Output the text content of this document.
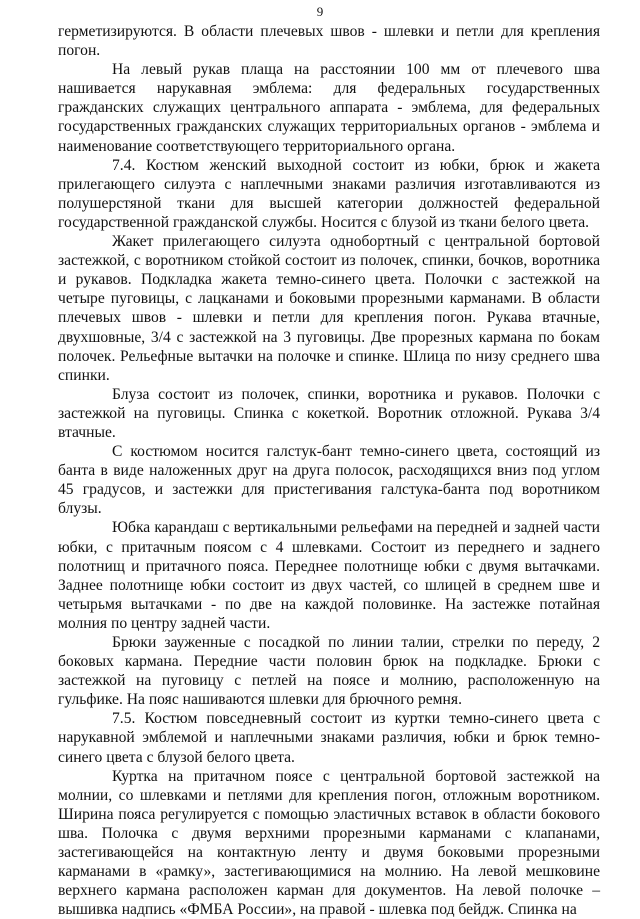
9

герметизируются. В области плечевых швов - шлевки и петли для крепления погон.

На левый рукав плаща на расстоянии 100 мм от плечевого шва нашивается нарукавная эмблема: для федеральных государственных гражданских служащих центрального аппарата - эмблема, для федеральных государственных гражданских служащих территориальных органов - эмблема и наименование соответствующего территориального органа.

7.4. Костюм женский выходной состоит из юбки, брюк и жакета прилегающего силуэта с наплечными знаками различия изготавливаются из полушерстяной ткани для высшей категории должностей федеральной государственной гражданской службы. Носится с блузой из ткани белого цвета.

Жакет прилегающего силуэта однобортный с центральной бортовой застежкой, с воротником стойкой состоит из полочек, спинки, бочков, воротника и рукавов. Подкладка жакета темно-синего цвета. Полочки с застежкой на четыре пуговицы, с лацканами и боковыми прорезными карманами. В области плечевых швов - шлевки и петли для крепления погон. Рукава втачные, двухшовные, 3/4 с застежкой на 3 пуговицы. Две прорезных кармана по бокам полочек. Рельефные вытачки на полочке и спинке. Шлица по низу среднего шва спинки.

Блуза состоит из полочек, спинки, воротника и рукавов. Полочки с застежкой на пуговицы. Спинка с кокеткой. Воротник отложной. Рукава 3/4 втачные.

С костюмом носится галстук-бант темно-синего цвета, состоящий из банта в виде наложенных друг на друга полосок, расходящихся вниз под углом 45 градусов, и застежки для пристегивания галстука-банта под воротником блузы.

Юбка карандаш с вертикальными рельефами на передней и задней части юбки, с притачным поясом с 4 шлевками. Состоит из переднего и заднего полотнищ и притачного пояса. Переднее полотнище юбки с двумя вытачками. Заднее полотнище юбки состоит из двух частей, со шлицей в среднем шве и четырьмя вытачками - по две на каждой половинке. На застежке потайная молния по центру задней части.

Брюки зауженные с посадкой по линии талии, стрелки по переду, 2 боковых кармана. Передние части половин брюк на подкладке. Брюки с застежкой на пуговицу с петлей на поясе и молнию, расположенную на гульфике. На пояс нашиваются шлевки для брючного ремня.

7.5. Костюм повседневный состоит из куртки темно-синего цвета с нарукавной эмблемой и наплечными знаками различия, юбки и брюк темно-синего цвета с блузой белого цвета.

Куртка на притачном поясе с центральной бортовой застежкой на молнии, со шлевками и петлями для крепления погон, отложным воротником. Ширина пояса регулируется с помощью эластичных вставок в области бокового шва. Полочка с двумя верхними прорезными карманами с клапанами, застегивающейся на контактную ленту и двумя боковыми прорезными карманами в «рамку», застегивающимися на молнию. На левой мешковине верхнего кармана расположен карман для документов. На левой полочке – вышивка надпись «ФМБА России», на правой - шлевка под бейдж. Спинка на
